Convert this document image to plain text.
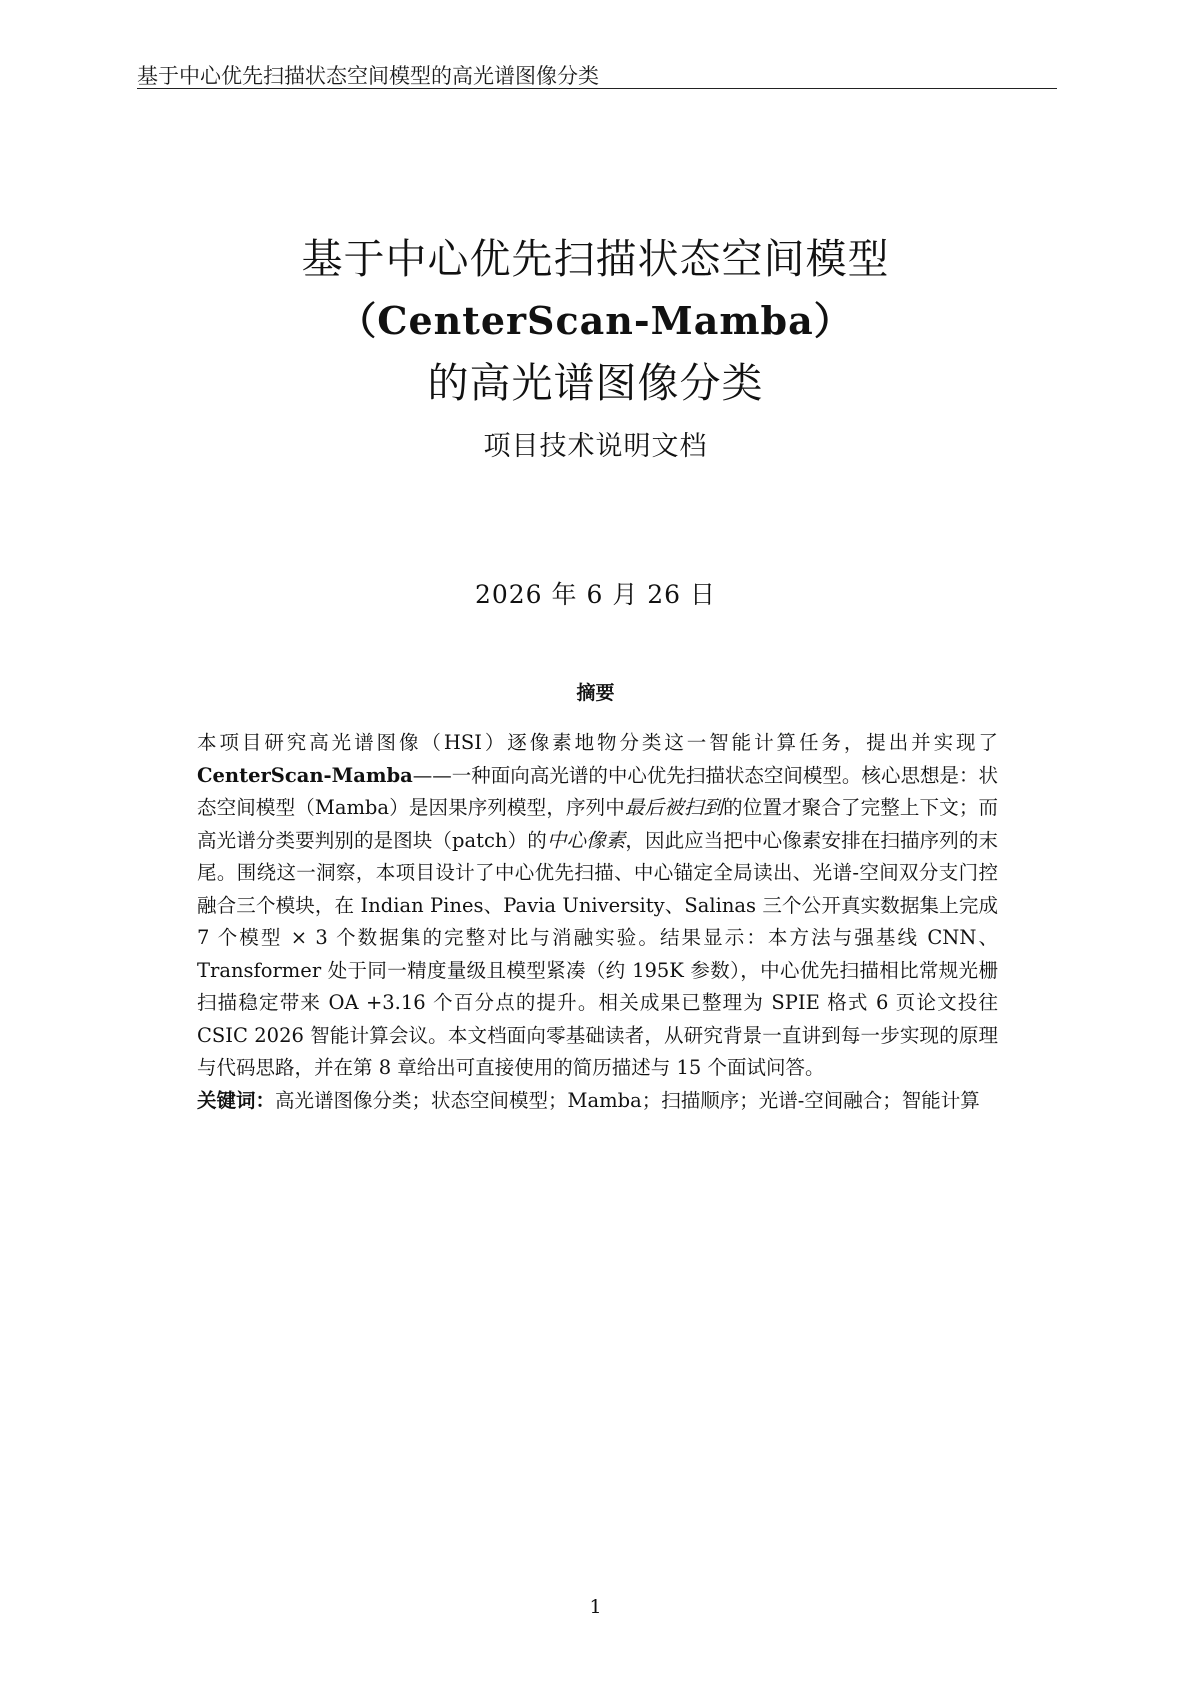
基于中心优先扫描状态空间模型的高光谱图像分类
基于中心优先扫描状态空间模型
（CenterScan-Mamba）
的高光谱图像分类
项目技术说明文档
2026 年 6 月 26 日
摘要

本项目研究高光谱图像（HSI）逐像素地物分类这一智能计算任务，提出并实现了CenterScan-Mamba——一种面向高光谱的中心优先扫描状态空间模型。核心思想是：状态空间模型（Mamba）是因果序列模型，序列中最后被扫到的位置才聚合了完整上下文；而高光谱分类要判别的是图块（patch）的中心像素，因此应当把中心像素安排在扫描序列的末尾。围绕这一洞察，本项目设计了中心优先扫描、中心锚定全局读出、光谱-空间双分支门控融合三个模块，在 Indian Pines、Pavia University、Salinas 三个公开真实数据集上完成 7 个模型 × 3 个数据集的完整对比与消融实验。结果显示：本方法与强基线 CNN、Transformer 处于同一精度量级且模型紧凑（约 195K 参数），中心优先扫描相比常规光栅扫描稳定带来 OA +3.16 个百分点的提升。相关成果已整理为 SPIE 格式 6 页论文投往 CSIC 2026 智能计算会议。本文档面向零基础读者，从研究背景一直讲到每一步实现的原理与代码思路，并在第 8 章给出可直接使用的简历描述与 15 个面试问答。

关键词：高光谱图像分类；状态空间模型；Mamba；扫描顺序；光谱-空间融合；智能计算

1
